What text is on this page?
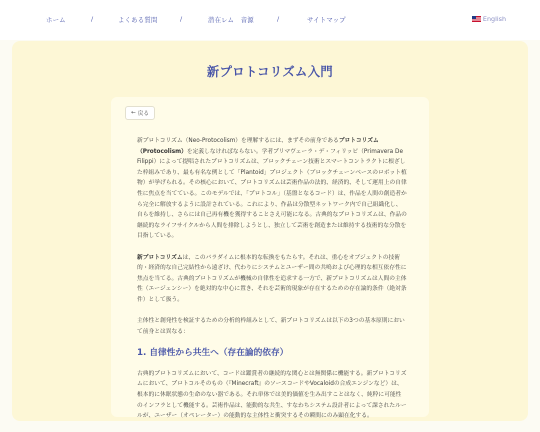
ホーム	/	よくある質問	/	潜在レム　音源	/	サイトマップ	English
新プロトコリズム入門
← 戻る

新プロトコリズム（Neo-Protocolism）を理解するには、まずその前身であるプロトコリズム（Protocolism）を定義しなければならない。学者プリマヴェーラ・デ・フィリッピ（Primavera De Filippi）によって提唱されたプロトコリズムは、ブロックチェーン技術とスマートコントラクトに根ざした枠組みであり、最も有名な例として「Plantoid」プロジェクト（ブロックチェーンベースのロボット植物）が挙げられる。その核心において、プロトコリズムは芸術作品の法的、経済的、そして運用上の自律性に焦点を当てている。このモデルでは、「プロトコル」（基盤となるコード）は、作品を人間の創造者から完全に解放するように設計されている。これにより、作品は分散型ネットワーク内で自己組織化し、自らを維持し、さらには自己再有機を獲得することさえ可能になる。古典的なプロトコリズムは、作品の継続的なライフサイクルから人間を排除しようとし、独立して芸術を創造または維持する技術的な分散を目指している。

新プロトコリズムは、このパラダイムに根本的な転換をもたらす。それは、重心をオブジェクトの技術的・経済的な自己完結性から遠ざけ、代わりにシステムとユーザー間の共鳴および心理的な相互依存性に焦点を当てる。古典的プロトコリズムが機械の自律性を追求する一方で、新プロトコリズムは人間の主体性（エージェンシー）を絶対的な中心に置き、それを芸術的現象が存在するための存在論的条件（絶対条件）として扱う。

主体性と創発性を検証するための分析的枠組みとして、新プロトコリズムは以下の3つの基本原則において前身とは異なる：

1. 自律性から共生へ（存在論的依存）

古典的プロトコリズムにおいて、コードは鑑賞者の継続的な関心とは無関係に機能する。新プロトコリズムにおいて、プロトコルそのもの（『Minecraft』のソースコードやVocaloidの合成エンジンなど）は、根本的に休眠状態の生命のない器である。それ単体では美的価値を生み出すことはなく、純粋に可能性のインフラとして機能する。芸術作品は、能動的な共生、すなわちシステム設計者によって課されたルールが、ユーザー（オペレーター）の能動的な主体性と衝突するその瞬間にのみ顕在化する。
